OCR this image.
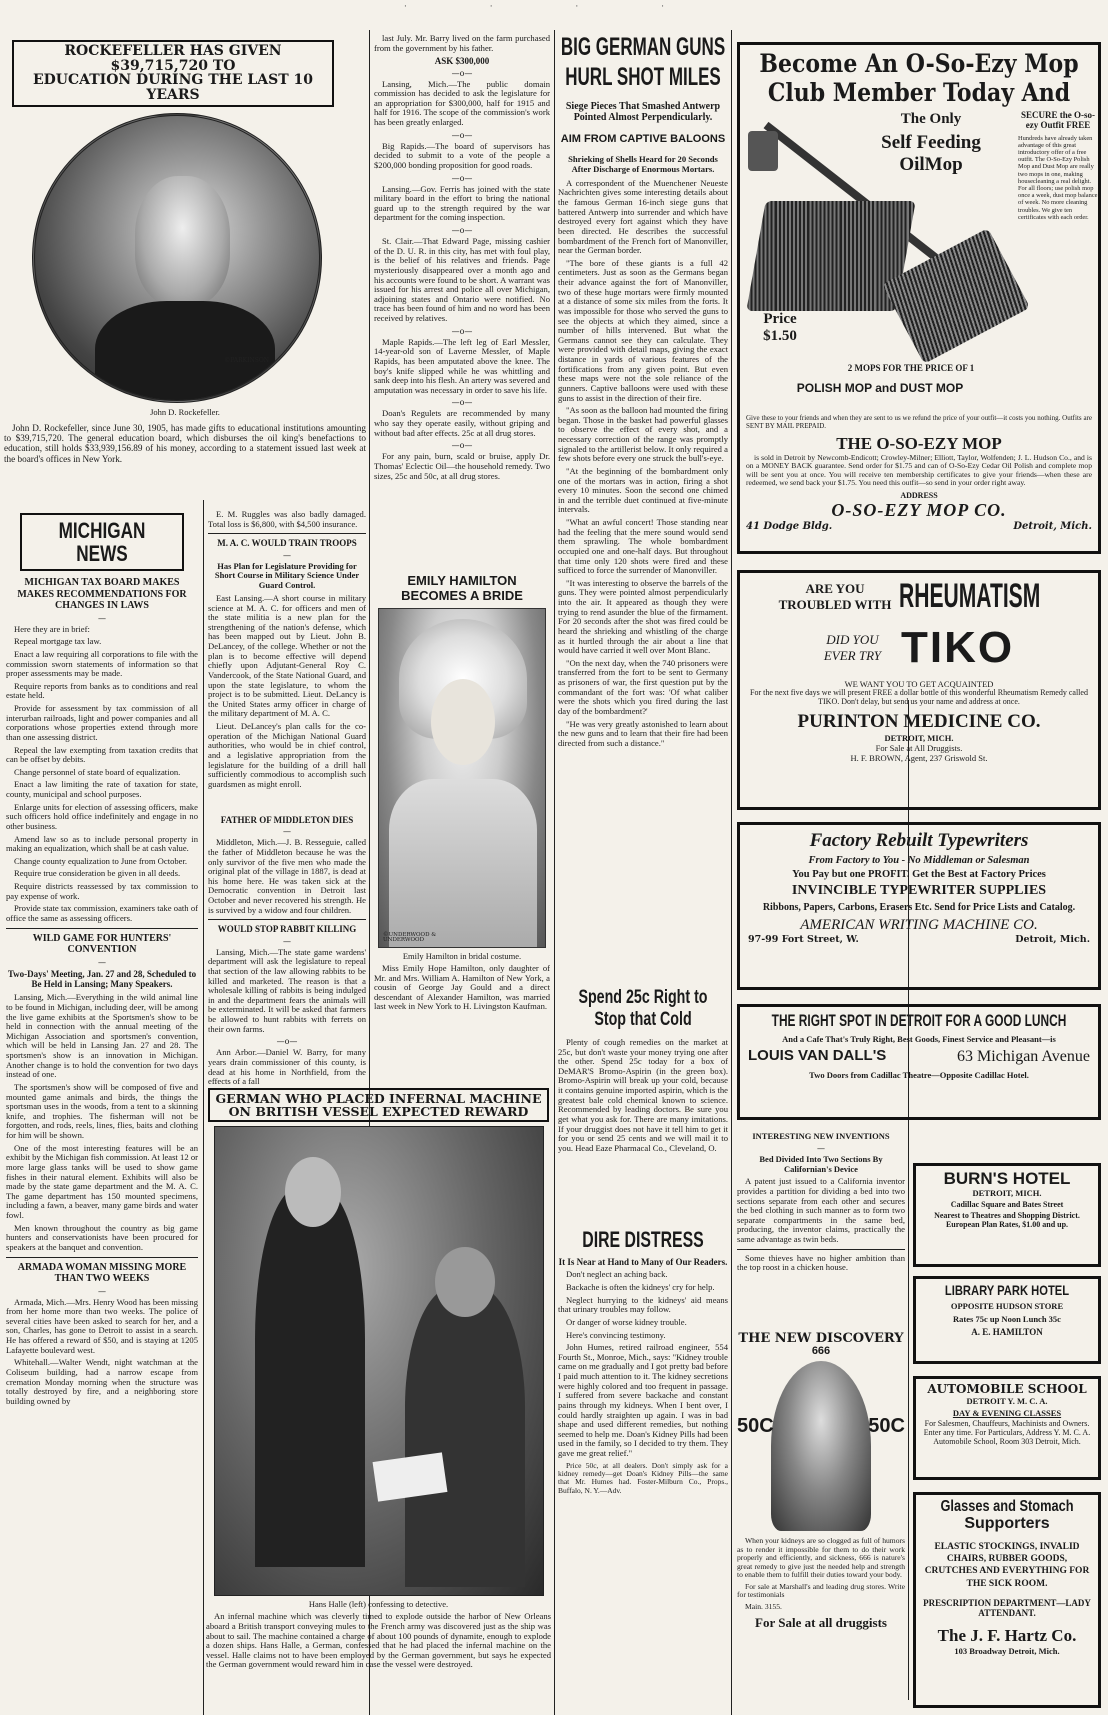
· · · ·
ROCKEFELLER HAS GIVEN $39,715,720 TO
EDUCATION DURING THE LAST 10 YEARS
©PARKINSON
John D. Rockefeller.
John D. Rockefeller, since June 30, 1905, has made gifts to educational institutions amounting to $39,715,720. The general education board, which disburses the oil king's benefactions to education, still holds $33,939,156.89 of his money, according to a statement issued last week at the board's offices in New York.
MICHIGAN NEWS
MICHIGAN TAX BOARD MAKES MAKES RECOMMENDATIONS FOR CHANGES IN LAWS
—
Here they are in brief:
Repeal mortgage tax law.
Enact a law requiring all corporations to file with the commission sworn statements of information so that proper assessments may be made.
Require reports from banks as to conditions and real estate held.
Provide for assessment by tax commission of all interurban railroads, light and power companies and all corporations whose properties extend through more than one assessing district.
Repeal the law exempting from taxation credits that can be offset by debits.
Change personnel of state board of equalization.
Enact a law limiting the rate of taxation for state, county, municipal and school purposes.
Enlarge units for election of assessing officers, make such officers hold office indefinitely and engage in no other business.
Amend law so as to include personal property in making an equalization, which shall be at cash value.
Change county equalization to June from October.
Require true consideration be given in all deeds.
Require districts reassessed by tax commission to pay expense of work.
Provide state tax commission, examiners take oath of office the same as assessing officers.
WILD GAME FOR HUNTERS' CONVENTION
—
Two-Days' Meeting, Jan. 27 and 28, Scheduled to Be Held in Lansing; Many Speakers.
Lansing, Mich.—Everything in the wild animal line to be found in Michigan, including deer, will be among the live game exhibits at the Sportsmen's show to be held in connection with the annual meeting of the Michigan Association and sportsmen's convention, which will be held in Lansing Jan. 27 and 28. The sportsmen's show is an innovation in Michigan. Another change is to hold the convention for two days instead of one.
The sportsmen's show will be composed of five and mounted game animals and birds, the things the sportsman uses in the woods, from a tent to a skinning knife, and trophies. The fisherman will not be forgotten, and rods, reels, lines, flies, baits and clothing for him will be shown.
One of the most interesting features will be an exhibit by the Michigan fish commission. At least 12 or more large glass tanks will be used to show game fishes in their natural element. Exhibits will also be made by the state game department and the M. A. C. The game department has 150 mounted specimens, including a fawn, a beaver, many game birds and water fowl.
Men known throughout the country as big game hunters and conservationists have been procured for speakers at the banquet and convention.
ARMADA WOMAN MISSING MORE THAN TWO WEEKS
—
Armada, Mich.—Mrs. Henry Wood has been missing from her home more than two weeks. The police of several cities have been asked to search for her, and a son, Charles, has gone to Detroit to assist in a search. He has offered a reward of $50, and is staying at 1205 Lafayette boulevard west.
Whitehall.—Walter Wendt, night watchman at the Coliseum building, had a narrow escape from cremation Monday morning when the structure was totally destroyed by fire, and a neighboring store building owned by
last July. Mr. Barry lived on the farm purchased from the government by his father.
ASK $300,000
—o—
Lansing, Mich.—The public domain commission has decided to ask the legislature for an appropriation for $300,000, half for 1915 and half for 1916. The scope of the commission's work has been greatly enlarged.
—o—
Big Rapids.—The board of supervisors has decided to submit to a vote of the people a $200,000 bonding proposition for good roads.
—o—
Lansing.—Gov. Ferris has joined with the state military board in the effort to bring the national guard up to the strength required by the war department for the coming inspection.
—o—
St. Clair.—That Edward Page, missing cashier of the D. U. R. in this city, has met with foul play, is the belief of his relatives and friends. Page mysteriously disappeared over a month ago and his accounts were found to be short. A warrant was issued for his arrest and police all over Michigan, adjoining states and Ontario were notified. No trace has been found of him and no word has been received by relatives.
—o—
Maple Rapids.—The left leg of Earl Messler, 14-year-old son of Laverne Messler, of Maple Rapids, has been amputated above the knee. The boy's knife slipped while he was whittling and sank deep into his flesh. An artery was severed and amputation was necessary in order to save his life.
—o—
Doan's Regulets are recommended by many who say they operate easily, without griping and without bad after effects. 25c at all drug stores.
—o—
For any pain, burn, scald or bruise, apply Dr. Thomas' Eclectic Oil—the household remedy. Two sizes, 25c and 50c, at all drug stores.
E. M. Ruggles was also badly damaged. Total loss is $6,800, with $4,500 insurance.
M. A. C. WOULD TRAIN TROOPS
—
Has Plan for Legislature Providing for Short Course in Military Science Under Guard Control.
East Lansing.—A short course in military science at M. A. C. for officers and men of the state militia is a new plan for the strengthening of the nation's defense, which has been mapped out by Lieut. John B. DeLancey, of the college. Whether or not the plan is to become effective will depend chiefly upon Adjutant-General Roy C. Vandercook, of the State National Guard, and upon the state legislature, to whom the project is to be submitted. Lieut. DeLancy is the United States army officer in charge of the military department of M. A. C.
Lieut. DeLancey's plan calls for the co-operation of the Michigan National Guard authorities, who would be in chief control, and a legislative appropriation from the legislature for the building of a drill hall sufficiently commodious to accomplish such guardsmen as might enroll.
FATHER OF MIDDLETON DIES
—
Middleton, Mich.—J. B. Resseguie, called the father of Middleton because he was the only survivor of the five men who made the original plat of the village in 1887, is dead at his home here. He was taken sick at the Democratic convention in Detroit last October and never recovered his strength. He is survived by a widow and four children.
WOULD STOP RABBIT KILLING
—
Lansing, Mich.—The state game wardens' department will ask the legislature to repeal that section of the law allowing rabbits to be killed and marketed. The reason is that a wholesale killing of rabbits is being indulged in and the department fears the animals will be exterminated. It will be asked that farmers be allowed to hunt rabbits with ferrets on their own farms.
—o—
Ann Arbor.—Daniel W. Barry, for many years drain commissioner of this county, is dead at his home in Northfield, from the effects of a fall
EMILY HAMILTON
BECOMES A BRIDE
©UNDERWOOD & UNDERWOOD
Emily Hamilton in bridal costume.
Miss Emily Hope Hamilton, only daughter of Mr. and Mrs. William A. Hamilton of New York, a cousin of George Jay Gould and a direct descendant of Alexander Hamilton, was married last week in New York to H. Livingston Kaufman.
GERMAN WHO PLACED INFERNAL MACHINE
ON BRITISH VESSEL EXPECTED REWARD
Hans Halle (left) confessing to detective.
An infernal machine which was cleverly timed to explode outside the harbor of New Orleans aboard a British transport conveying mules to the French army was discovered just as the ship was about to sail. The machine contained a charge of about 100 pounds of dynamite, enough to explode a dozen ships. Hans Halle, a German, confessed that he had placed the infernal machine on the vessel. Halle claims not to have been employed by the German government, but says he expected the German government would reward him in case the vessel were destroyed.
BIG GERMAN GUNS
HURL SHOT MILES
Siege Pieces That Smashed Antwerp Pointed Almost Perpendicularly.
AIM FROM CAPTIVE BALOONS
Shrieking of Shells Heard for 20 Seconds After Discharge of Enormous Mortars.
A correspondent of the Muenchener Neueste Nachrichten gives some interesting details about the famous German 16-inch siege guns that battered Antwerp into surrender and which have destroyed every fort against which they have been directed. He describes the successful bombardment of the French fort of Manonviller, near the German border.
"The bore of these giants is a full 42 centimeters. Just as soon as the Germans began their advance against the fort of Manonviller, two of these huge mortars were firmly mounted at a distance of some six miles from the forts. It was impossible for those who served the guns to see the objects at which they aimed, since a number of hills intervened. But what the Germans cannot see they can calculate. They were provided with detail maps, giving the exact distance in yards of various features of the fortifications from any given point. But even these maps were not the sole reliance of the gunners. Captive balloons were used with these guns to assist in the direction of their fire.
"As soon as the balloon had mounted the firing began. Those in the basket had powerful glasses to observe the effect of every shot, and a necessary correction of the range was promptly signaled to the artillerist below. It only required a few shots before every one struck the bull's-eye.
"At the beginning of the bombardment only one of the mortars was in action, firing a shot every 10 minutes. Soon the second one chimed in and the terrible duet continued at five-minute intervals.
"What an awful concert! Those standing near had the feeling that the mere sound would send them sprawling. The whole bombardment occupied one and one-half days. But throughout that time only 120 shots were fired and these sufficed to force the surrender of Manonviller.
"It was interesting to observe the barrels of the guns. They were pointed almost perpendicularly into the air. It appeared as though they were trying to rend asunder the blue of the firmament. For 20 seconds after the shot was fired could be heard the shrieking and whistling of the charge as it hurtled through the air about a line that would have carried it well over Mont Blanc.
"On the next day, when the 740 prisoners were transferred from the fort to be sent to Germany as prisoners of war, the first question put by the commandant of the fort was: 'Of what caliber were the shots which you fired during the last day of the bombardment?'
"He was very greatly astonished to learn about the new guns and to learn that their fire had been directed from such a distance."
Spend 25c Right to
Stop that Cold
Plenty of cough remedies on the market at 25c, but don't waste your money trying one after the other. Spend 25c today for a box of DeMAR'S Bromo-Aspirin (in the green box). Bromo-Aspirin will break up your cold, because it contains genuine imported aspirin, which is the greatest bale cold chemical known to science. Recommended by leading doctors. Be sure you get what you ask for. There are many imitations. If your druggist does not have it tell him to get it for you or send 25 cents and we will mail it to you. Head Eaze Pharmacal Co., Cleveland, O.
DIRE DISTRESS
It Is Near at Hand to Many of Our Readers.
Don't neglect an aching back.
Backache is often the kidneys' cry for help.
Neglect hurrying to the kidneys' aid means that urinary troubles may follow.
Or danger of worse kidney trouble.
Here's convincing testimony.
John Humes, retired railroad engineer, 554 Fourth St., Monroe, Mich., says: "Kidney trouble came on me gradually and I got pretty bad before I paid much attention to it. The kidney secretions were highly colored and too frequent in passage. I suffered from severe backache and constant pains through my kidneys. When I bent over, I could hardly straighten up again. I was in bad shape and used different remedies, but nothing seemed to help me. Doan's Kidney Pills had been used in the family, so I decided to try them. They gave me great relief."
Price 50c, at all dealers. Don't simply ask for a kidney remedy—get Doan's Kidney Pills—the same that Mr. Humes had. Foster-Milburn Co., Props., Buffalo, N. Y.—Adv.
Become An O-So-Ezy Mop
Club Member Today And
The Only
Self Feeding
OilMop
Price
$1.50
2 MOPS FOR THE PRICE OF 1
POLISH MOP and DUST MOP
SECURE the O-so-ezy Outfit FREE
Hundreds have already taken advantage of this great introductory offer of a free outfit. The O-So-Ezy Polish Mop and Dust Mop are really two mops in one, making housecleaning a real delight. For all floors; use polish mop once a week, dust mop balance of week. No more cleaning troubles. We give ten certificates with each order.
Give these to your friends and when they are sent to us we refund the price of your outfit—it costs you nothing. Outfits are SENT BY MAIL PREPAID.
THE O-SO-EZY MOP
is sold in Detroit by Newcomb-Endicott; Crowley-Milner; Elliott, Taylor, Wolfenden; J. L. Hudson Co., and is on a MONEY BACK guarantee. Send order for $1.75 and can of O-So-Ezy Cedar Oil Polish and complete mop will be sent you at once. You will receive ten membership certificates to give your friends—when these are redeemed, we send back your $1.75. You need this outfit—so send in your order right away.
ADDRESS
O-SO-EZY MOP CO.
41 Dodge Bldg.	Detroit, Mich.
ARE YOU
TROUBLED WITH RHEUMATISM
DID YOU
EVER TRY TIKO
WE WANT YOU TO GET ACQUAINTED
For the next five days we will present FREE a dollar bottle of this wonderful Rheumatism Remedy called TIKO. Don't delay, but send us your name and address at once.
PURINTON MEDICINE CO.
DETROIT, MICH.
For Sale at All Druggists.
H. F. BROWN, Agent, 237 Griswold St.
Factory Rebuilt Typewriters
From Factory to You - No Middleman or Salesman
You Pay but one PROFIT. Get the Best at Factory Prices
INVINCIBLE TYPEWRITER SUPPLIES
Ribbons, Papers, Carbons, Erasers Etc. Send for Price Lists and Catalog.
AMERICAN WRITING MACHINE CO.
97-99 Fort Street, W.	Detroit, Mich.
THE RIGHT SPOT IN DETROIT FOR A GOOD LUNCH
And a Cafe That's Truly Right, Best Goods, Finest Service and Pleasant—is
LOUIS VAN DALL'S	63 Michigan Avenue
Two Doors from Cadillac Theatre—Opposite Cadillac Hotel.
INTERESTING NEW INVENTIONS
—
Bed Divided Into Two Sections By Californian's Device
A patent just issued to a California inventor provides a partition for dividing a bed into two sections separate from each other and secures the bed clothing in such manner as to form two separate compartments in the same bed, producing, the inventor claims, practically the same advantage as twin beds.
Some thieves have no higher ambition than the top roost in a chicken house.
THE NEW DISCOVERY
666
50C	50C
When your kidneys are so clogged as full of humors as to render it impossible for them to do their work properly and efficiently, and sickness, 666 is nature's great remedy to give just the needed help and strength to enable them to fulfill their duties toward your body.
For sale at Marshall's and leading drug stores. Write for testimonials
Main. 3155.
For Sale at all druggists
BURN'S HOTEL
DETROIT, MICH.
Cadillac Square and Bates Street
Nearest to Theatres and Shopping District. European Plan Rates, $1.00 and up.
LIBRARY PARK HOTEL
OPPOSITE HUDSON STORE
Rates 75c up Noon Lunch 35c
A. E. HAMILTON
AUTOMOBILE SCHOOL
DETROIT Y. M. C. A.
DAY & EVENING CLASSES
For Salesmen, Chauffeurs, Machinists and Owners. Enter any time. For Particulars, Address Y. M. C. A. Automobile School, Room 303 Detroit, Mich.
Glasses and Stomach
Supporters
ELASTIC STOCKINGS, INVALID CHAIRS, RUBBER GOODS, CRUTCHES AND EVERYTHING FOR THE SICK ROOM.
PRESCRIPTION DEPARTMENT—LADY ATTENDANT.
The J. F. Hartz Co.
103 Broadway Detroit, Mich.
